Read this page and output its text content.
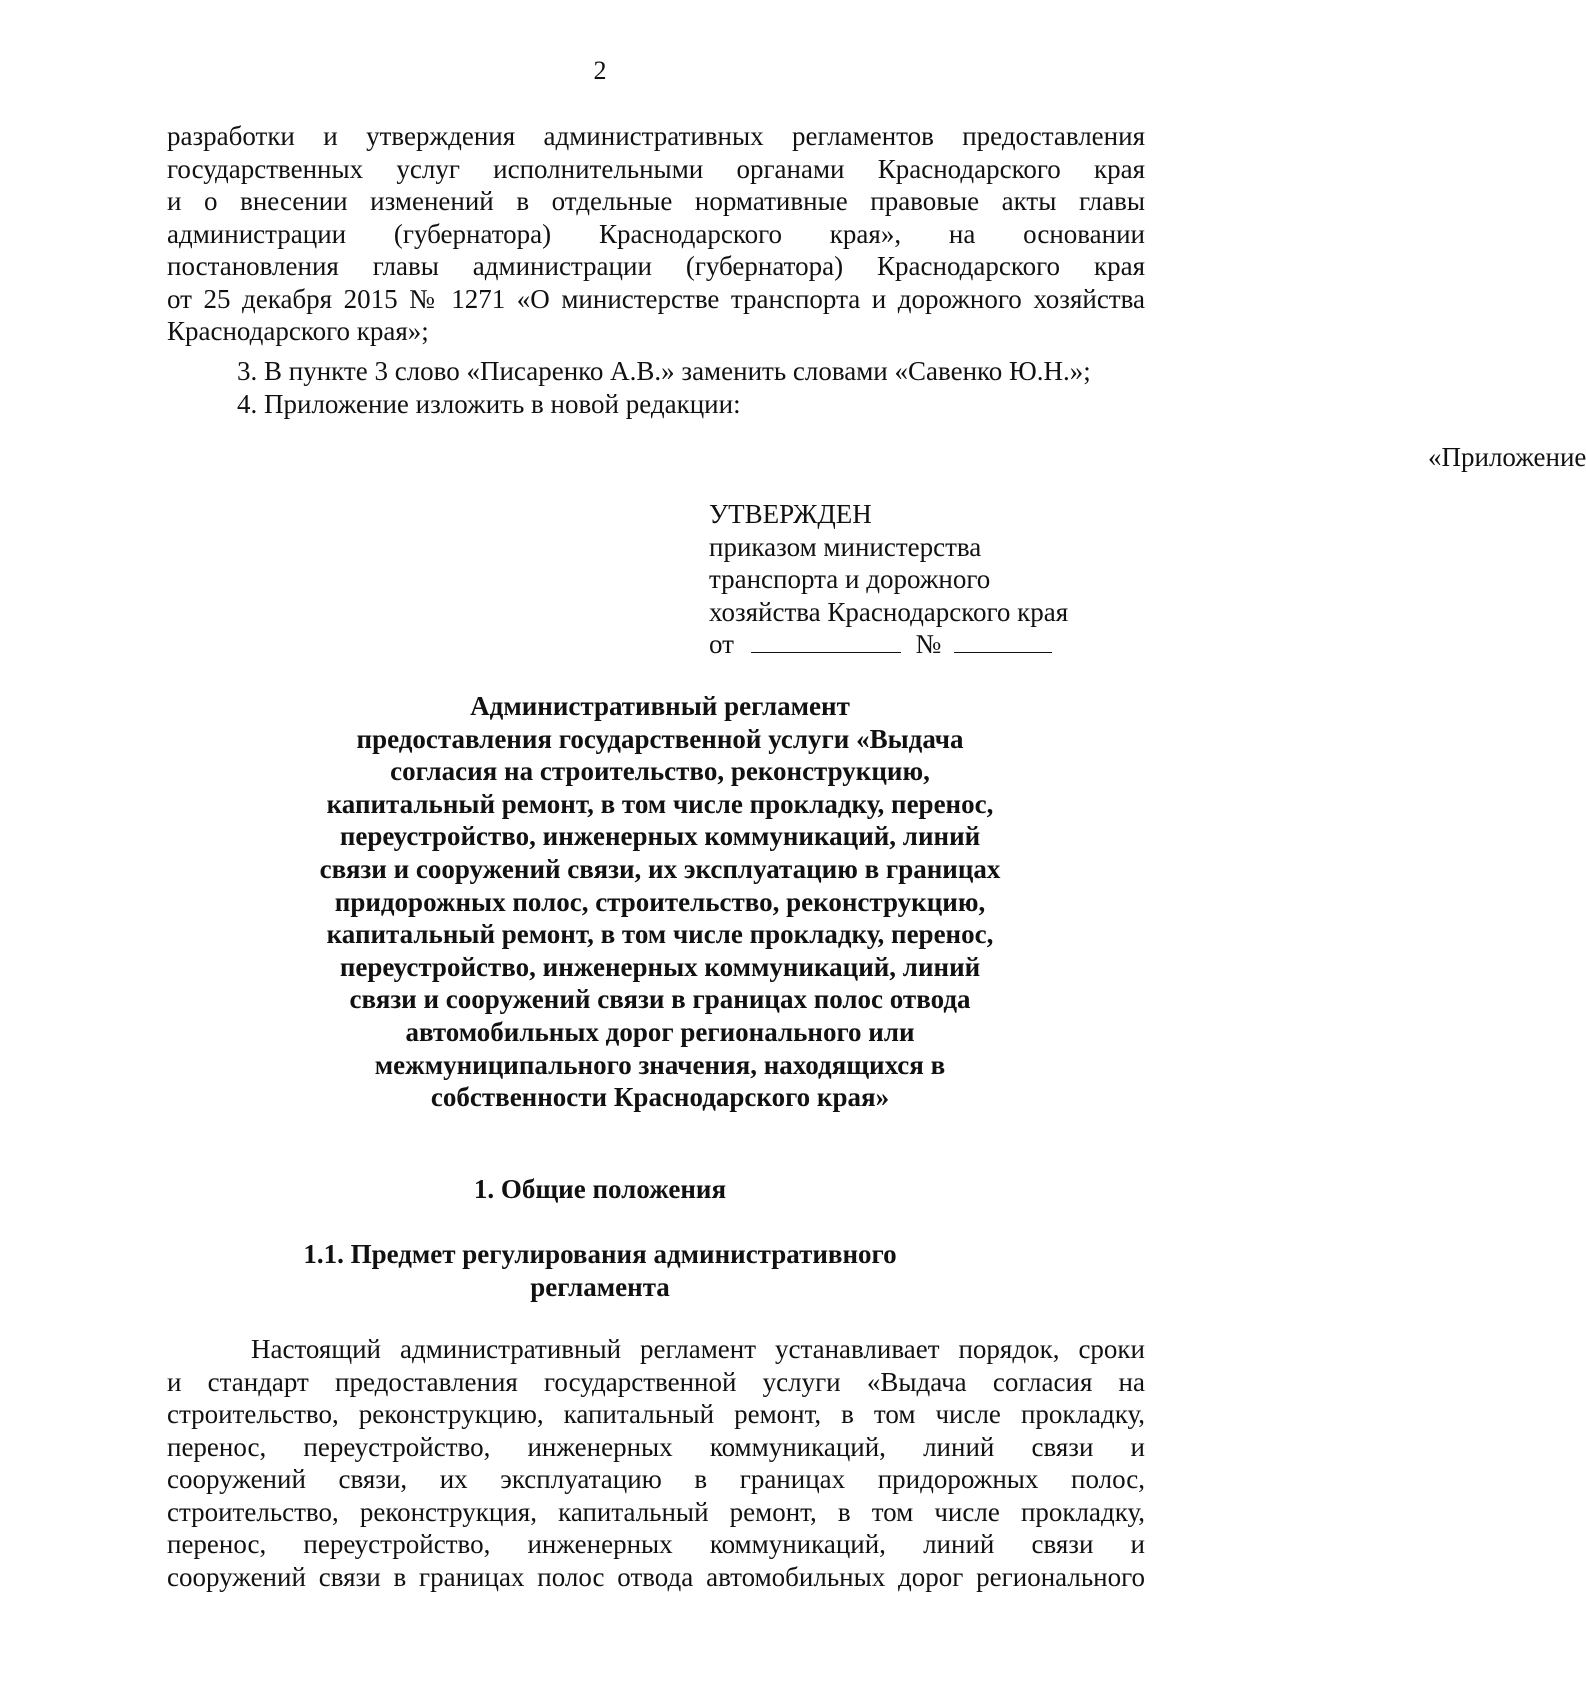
2
разработки и утверждения административных регламентов предоставления
государственных услуг исполнительными органами Краснодарского края
и о внесении изменений в отдельные нормативные правовые акты главы
администрации (губернатора) Краснодарского края», на основании
постановления главы администрации (губернатора) Краснодарского края
от 25 декабря 2015 № 1271 «О министерстве транспорта и дорожного хозяйства
Краснодарского края»;
3. В пункте 3 слово «Писаренко А.В.» заменить словами «Савенко Ю.Н.»;
4. Приложение изложить в новой редакции:
«Приложение
УТВЕРЖДЕН
приказом министерства
транспорта и дорожного
хозяйства Краснодарского края
от	№
Административный регламент
предоставления государственной услуги «Выдача
согласия на строительство, реконструкцию,
капитальный ремонт, в том числе прокладку, перенос,
переустройство, инженерных коммуникаций, линий
связи и сооружений связи, их эксплуатацию в границах
придорожных полос, строительство, реконструкцию,
капитальный ремонт, в том числе прокладку, перенос,
переустройство, инженерных коммуникаций, линий
связи и сооружений связи в границах полос отвода
автомобильных дорог регионального или
межмуниципального значения, находящихся в
собственности Краснодарского края»
1. Общие положения
1.1. Предмет регулирования административного
регламента
Настоящий административный регламент устанавливает порядок, сроки
и стандарт предоставления государственной услуги «Выдача согласия на
строительство, реконструкцию, капитальный ремонт, в том числе прокладку,
перенос, переустройство, инженерных коммуникаций, линий связи и
сооружений связи, их эксплуатацию в границах придорожных полос,
строительство, реконструкция, капитальный ремонт, в том числе прокладку,
перенос, переустройство, инженерных коммуникаций, линий связи и
сооружений связи в границах полос отвода автомобильных дорог регионального
